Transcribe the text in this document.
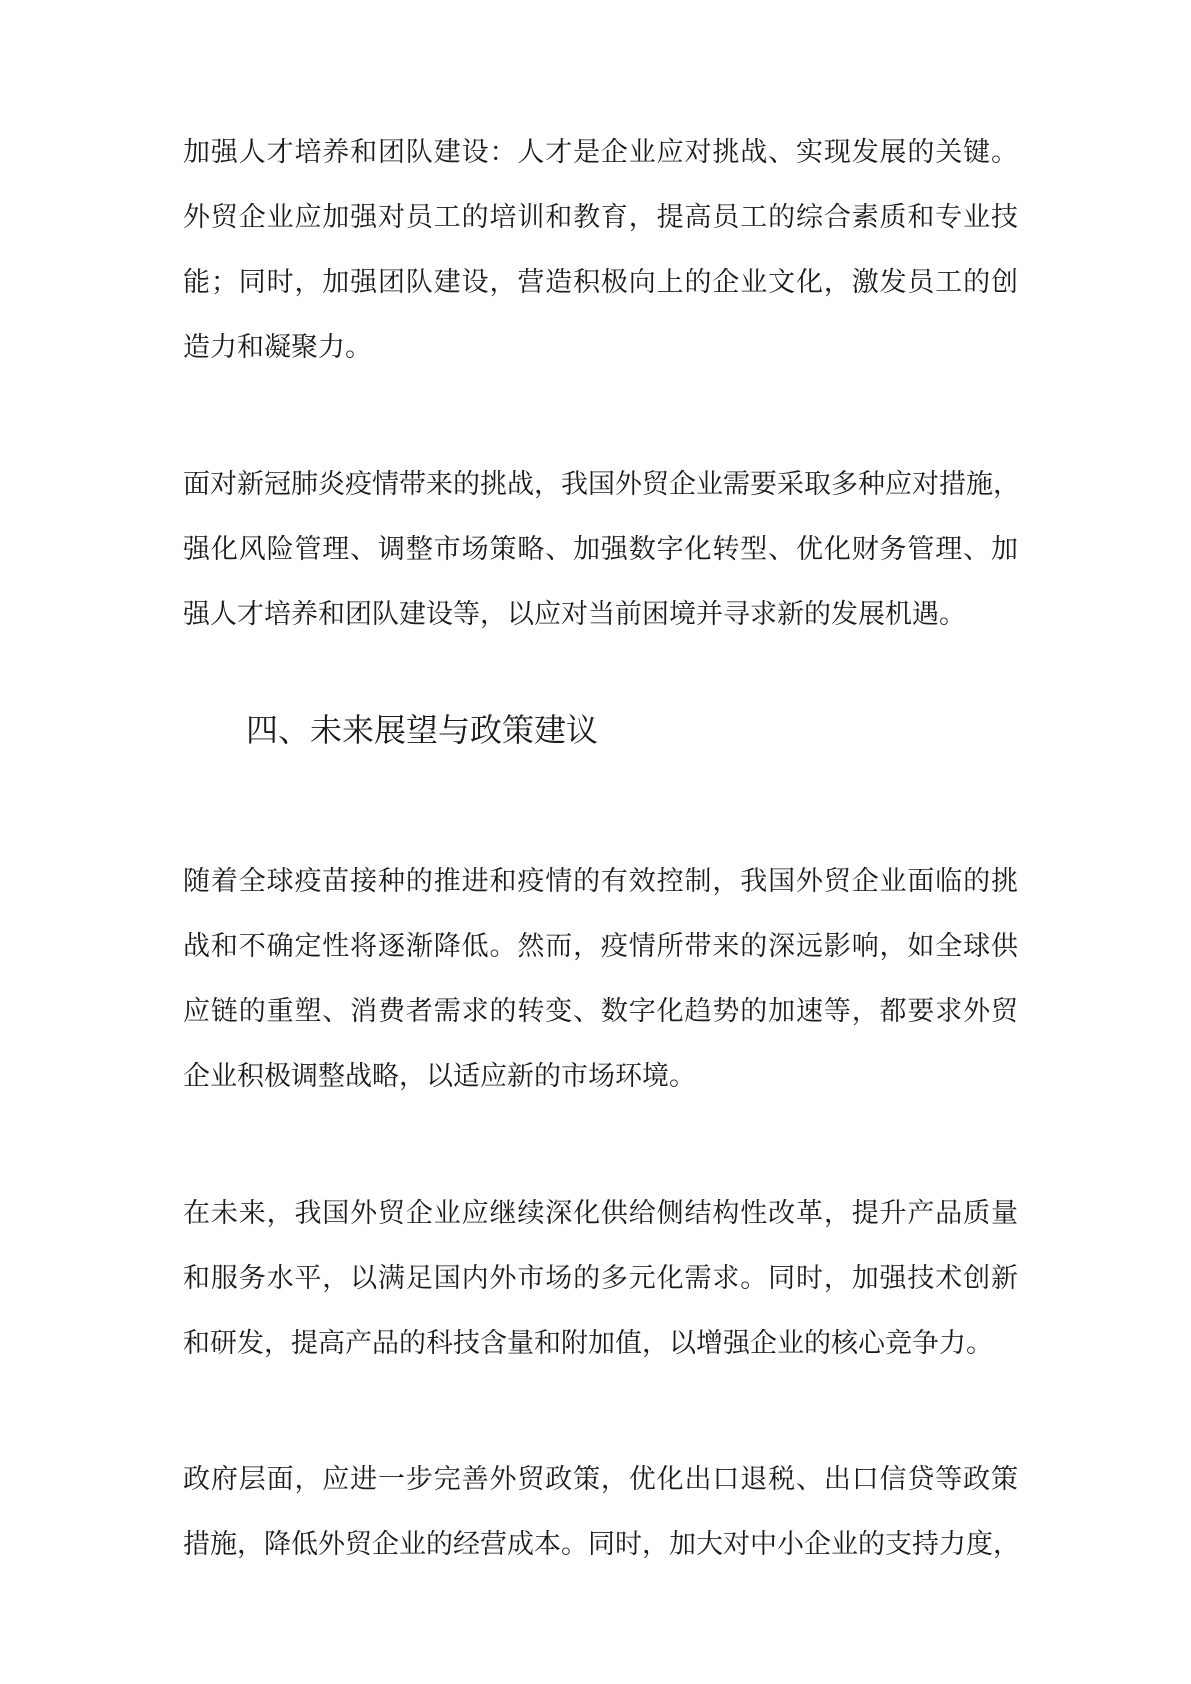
加强人才培养和团队建设：人才是企业应对挑战、实现发展的关键。
外贸企业应加强对员工的培训和教育，提高员工的综合素质和专业技
能；同时，加强团队建设，营造积极向上的企业文化，激发员工的创
造力和凝聚力。
面对新冠肺炎疫情带来的挑战，我国外贸企业需要采取多种应对措施，
强化风险管理、调整市场策略、加强数字化转型、优化财务管理、加
强人才培养和团队建设等，以应对当前困境并寻求新的发展机遇。
四、未来展望与政策建议
随着全球疫苗接种的推进和疫情的有效控制，我国外贸企业面临的挑
战和不确定性将逐渐降低。然而，疫情所带来的深远影响，如全球供
应链的重塑、消费者需求的转变、数字化趋势的加速等，都要求外贸
企业积极调整战略，以适应新的市场环境。
在未来，我国外贸企业应继续深化供给侧结构性改革，提升产品质量
和服务水平，以满足国内外市场的多元化需求。同时，加强技术创新
和研发，提高产品的科技含量和附加值，以增强企业的核心竞争力。
政府层面，应进一步完善外贸政策，优化出口退税、出口信贷等政策
措施，降低外贸企业的经营成本。同时，加大对中小企业的支持力度，
